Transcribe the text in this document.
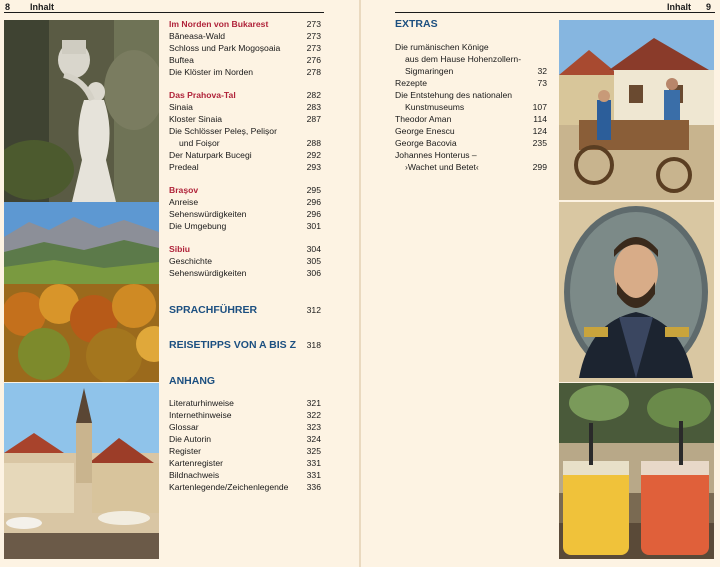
8 Inhalt	Inhalt 9
Im Norden von Bukarest	273
Băneasa-Wald	273
Schloss und Park Mogoșoaia	273
Buftea	276
Die Klöster im Norden	278
Das Prahova-Tal	282
Sinaia	283
Kloster Sinaia	287
Die Schlösser Peleș, Pelișor
und Foișor	288
Der Naturpark Bucegi	292
Predeal	293
Brașov	295
Anreise	296
Sehenswürdigkeiten	296
Die Umgebung	301
Sibiu	304
Geschichte	305
Sehenswürdigkeiten	306
SPRACHFÜHRER	312
REISETIPPS VON A BIS Z 318
ANHANG
Literaturhinweise	321
Internethinweise	322
Glossar	323
Die Autorin	324
Register	325
Kartenregister	331
Bildnachweis	331
Kartenlegende/Zeichenlegende 336
EXTRAS
Die rumänischen Könige
aus dem Hause Hohenzollern-
Sigmaringen	32
Rezepte	73
Die Entstehung des nationalen
Kunstmuseums	107
Theodor Aman	114
George Enescu	124
George Bacovia	235
Johannes Honterus –
›Wachet und Betet‹	299
